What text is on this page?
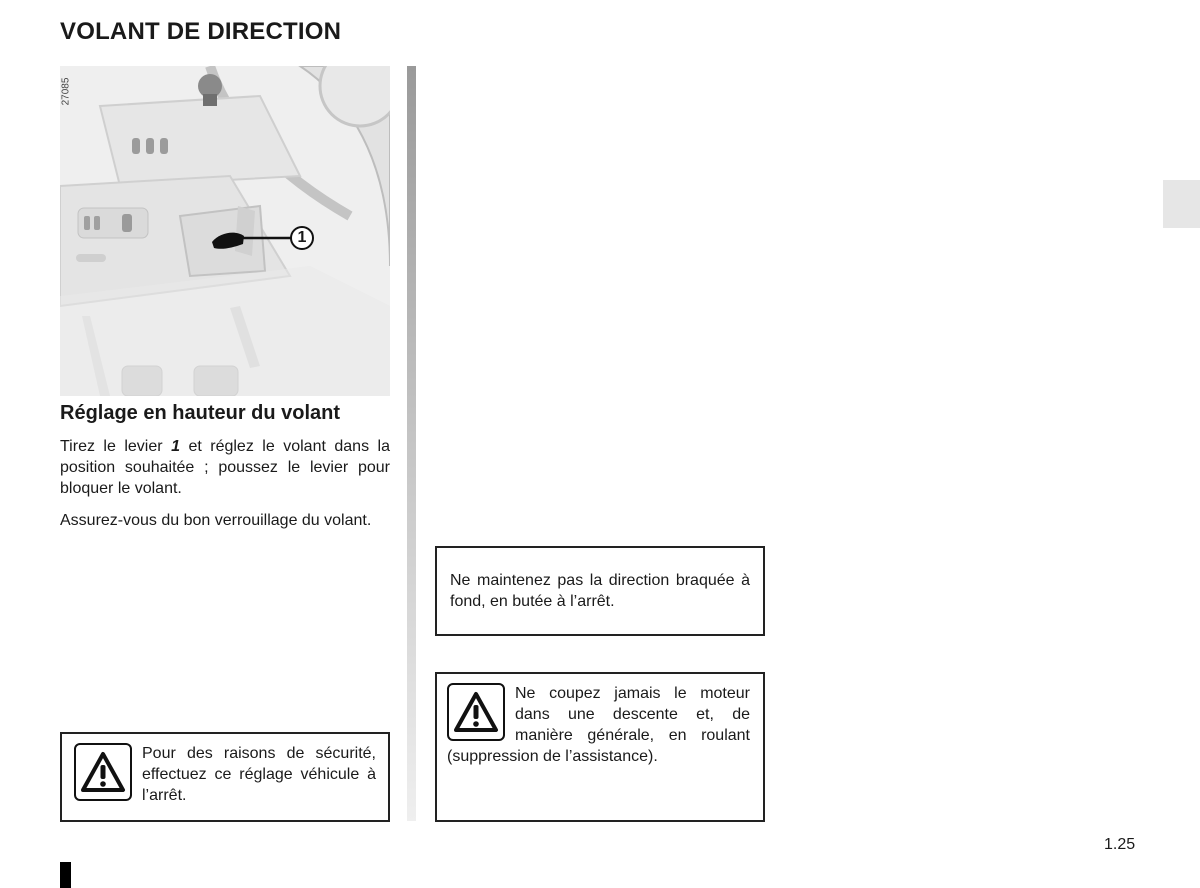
VOLANT DE DIRECTION
1
27085
Réglage en hauteur du volant

Tirez le levier 1 et réglez le volant dans la position souhaitée ; poussez le levier pour bloquer le volant.

Assurez-vous du bon verrouillage du volant.

Pour des raisons de sécurité, effectuez ce réglage véhicule à l’arrêt.
Ne maintenez pas la direction braquée à fond, en butée à l’arrêt.
Ne coupez jamais le moteur dans une descente et, de manière générale, en roulant (suppression de l’assistance).
1.25
